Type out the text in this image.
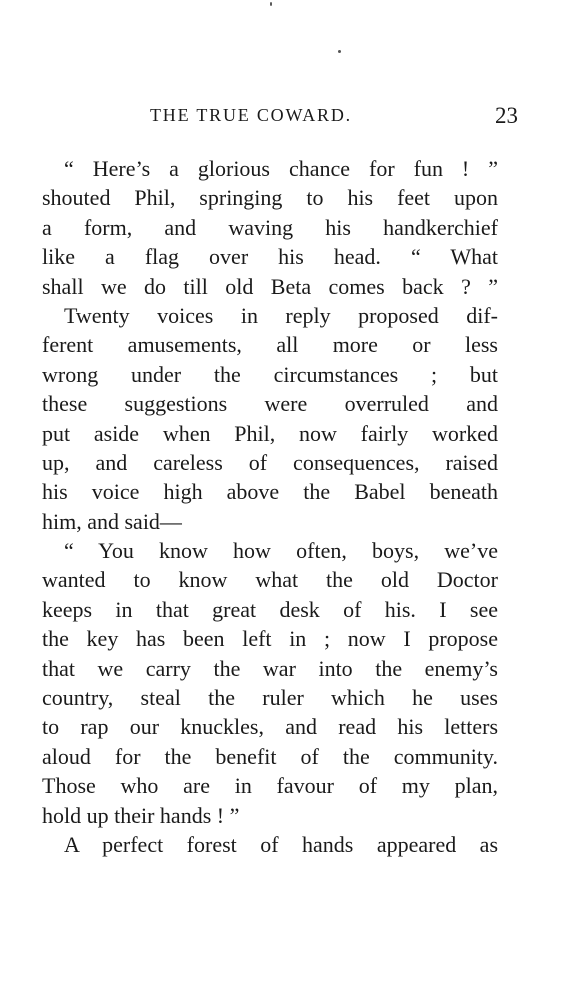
THE TRUE COWARD.	23
“ Here’s a glorious chance for fun ! ”
shouted Phil, springing to his feet upon
a form, and waving his handkerchief
like a flag over his head. “ What
shall we do till old Beta comes back ? ”
Twenty voices in reply proposed dif-
ferent amusements, all more or less
wrong under the circumstances ; but
these suggestions were overruled and
put aside when Phil, now fairly worked
up, and careless of consequences, raised
his voice high above the Babel beneath
him, and said—
“ You know how often, boys, we’ve
wanted to know what the old Doctor
keeps in that great desk of his. I see
the key has been left in ; now I propose
that we carry the war into the enemy’s
country, steal the ruler which he uses
to rap our knuckles, and read his letters
aloud for the benefit of the community.
Those who are in favour of my plan,
hold up their hands ! ”
A perfect forest of hands appeared as
